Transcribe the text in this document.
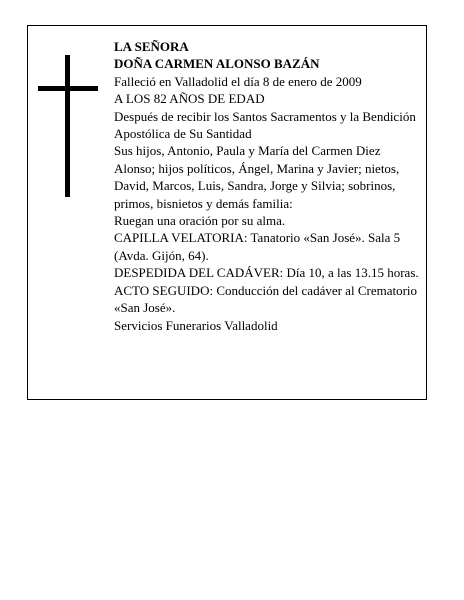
LA SEÑORA

DOÑA CARMEN ALONSO BAZÁN

Falleció en Valladolid el día 8 de enero de 2009

A LOS 82 AÑOS DE EDAD

Después de recibir los Santos Sacramentos y la Bendición Apostólica de Su Santidad

Sus hijos, Antonio, Paula y María del Carmen Diez Alonso; hijos políticos, Ángel, Marina y Javier; nietos, David, Marcos, Luis, Sandra, Jorge y Silvia; sobrinos, primos, bisnietos y demás familia:

Ruegan una oración por su alma.

CAPILLA VELATORIA: Tanatorio «San José». Sala 5 (Avda. Gijón, 64).

DESPEDIDA DEL CADÁVER: Día 10, a las 13.15 horas.

ACTO SEGUIDO: Conducción del cadáver al Crematorio «San José».

Servicios Funerarios Valladolid
